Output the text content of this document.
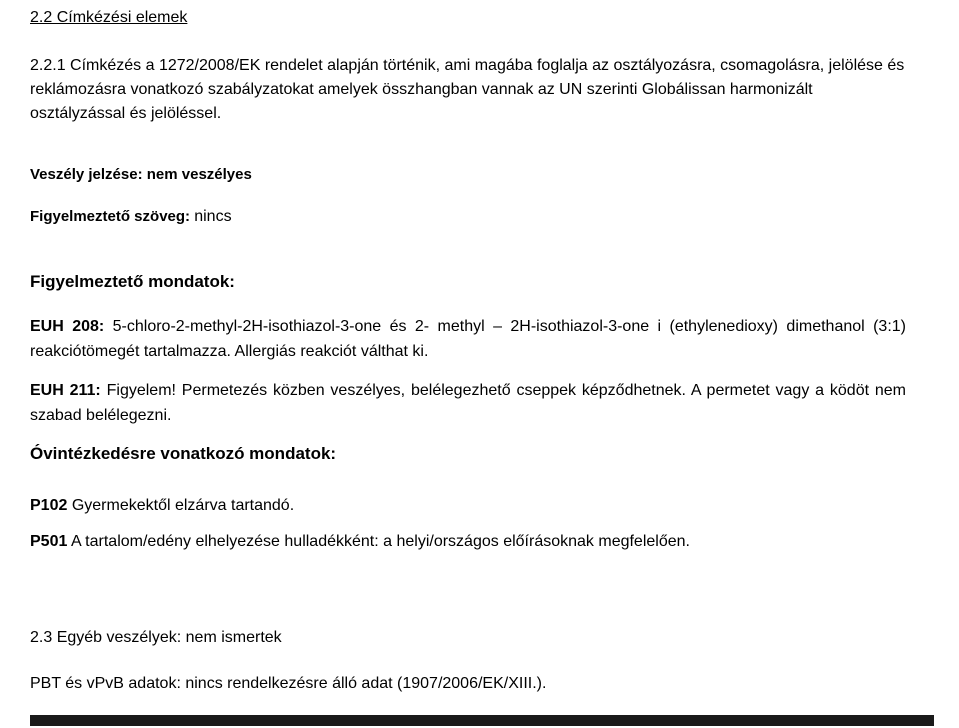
2.2 Címkézési elemek

2.2.1 Címkézés a 1272/2008/EK rendelet alapján történik, ami magába foglalja az osztályozásra, csomagolásra, jelölése és reklámozásra vonatkozó szabályzatokat amelyek összhangban vannak az UN szerinti Globálissan harmonizált osztályzással és jelöléssel.

Veszély jelzése: nem veszélyes

Figyelmeztető szöveg: nincs

Figyelmeztető mondatok:

EUH 208: 5-chloro-2-methyl-2H-isothiazol-3-one és 2- methyl – 2H-isothiazol-3-one i (ethylenedioxy) dimethanol (3:1) reakciótömegét tartalmazza. Allergiás reakciót válthat ki.

EUH 211: Figyelem! Permetezés közben veszélyes, belélegezhető cseppek képződhetnek. A permetet vagy a ködöt nem szabad belélegezni.

Óvintézkedésre vonatkozó mondatok:

P102 Gyermekektől elzárva tartandó.

P501 A tartalom/edény elhelyezése hulladékként: a helyi/országos előírásoknak megfelelően.

2.3 Egyéb veszélyek: nem ismertek

PBT és vPvB adatok: nincs rendelkezésre álló adat (1907/2006/EK/XIII.).
